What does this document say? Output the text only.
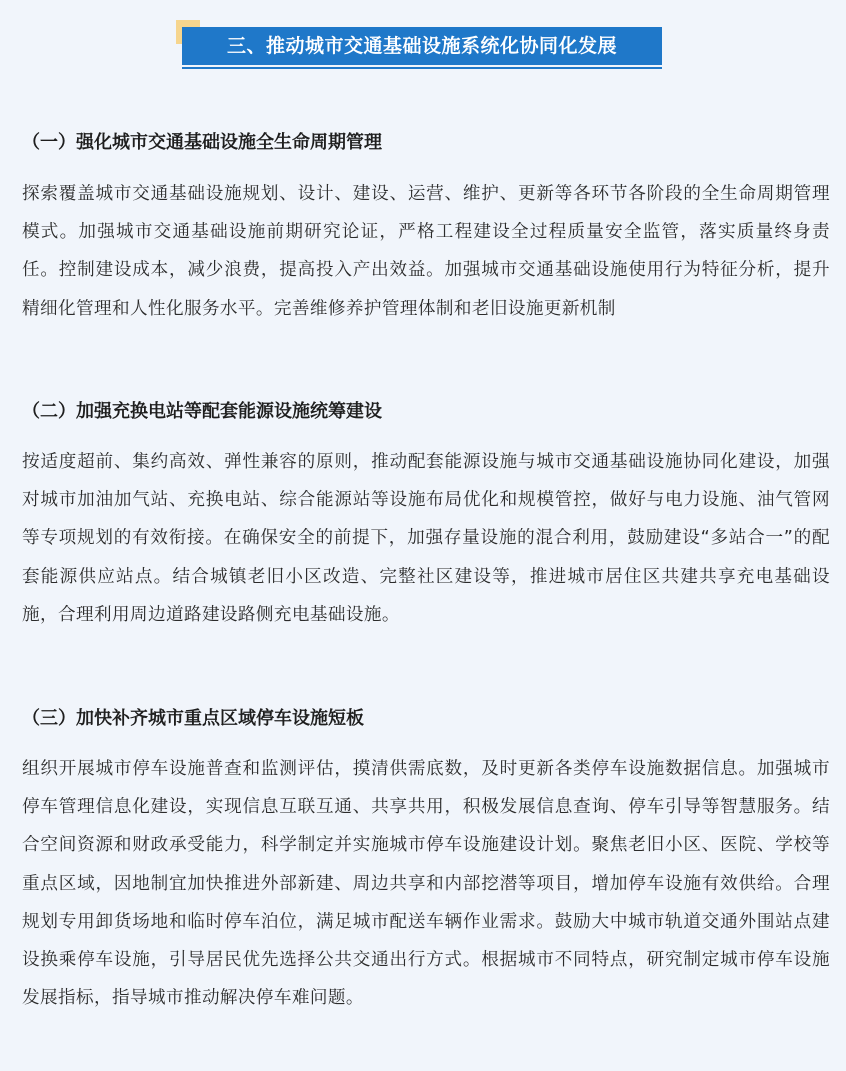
三、推动城市交通基础设施系统化协同化发展
（一）强化城市交通基础设施全生命周期管理
探索覆盖城市交通基础设施规划、设计、建设、运营、维护、更新等各环节各阶段的全生命周期管理模式。加强城市交通基础设施前期研究论证，严格工程建设全过程质量安全监管，落实质量终身责任。控制建设成本，减少浪费，提高投入产出效益。加强城市交通基础设施使用行为特征分析，提升精细化管理和人性化服务水平。完善维修养护管理体制和老旧设施更新机制
（二）加强充换电站等配套能源设施统筹建设
按适度超前、集约高效、弹性兼容的原则，推动配套能源设施与城市交通基础设施协同化建设，加强对城市加油加气站、充换电站、综合能源站等设施布局优化和规模管控，做好与电力设施、油气管网等专项规划的有效衔接。在确保安全的前提下，加强存量设施的混合利用，鼓励建设“多站合一”的配套能源供应站点。结合城镇老旧小区改造、完整社区建设等，推进城市居住区共建共享充电基础设施，合理利用周边道路建设路侧充电基础设施。
（三）加快补齐城市重点区域停车设施短板
组织开展城市停车设施普查和监测评估，摸清供需底数，及时更新各类停车设施数据信息。加强城市停车管理信息化建设，实现信息互联互通、共享共用，积极发展信息查询、停车引导等智慧服务。结合空间资源和财政承受能力，科学制定并实施城市停车设施建设计划。聚焦老旧小区、医院、学校等重点区域，因地制宜加快推进外部新建、周边共享和内部挖潜等项目，增加停车设施有效供给。合理规划专用卸货场地和临时停车泊位，满足城市配送车辆作业需求。鼓励大中城市轨道交通外围站点建设换乘停车设施，引导居民优先选择公共交通出行方式。根据城市不同特点，研究制定城市停车设施发展指标，指导城市推动解决停车难问题。
